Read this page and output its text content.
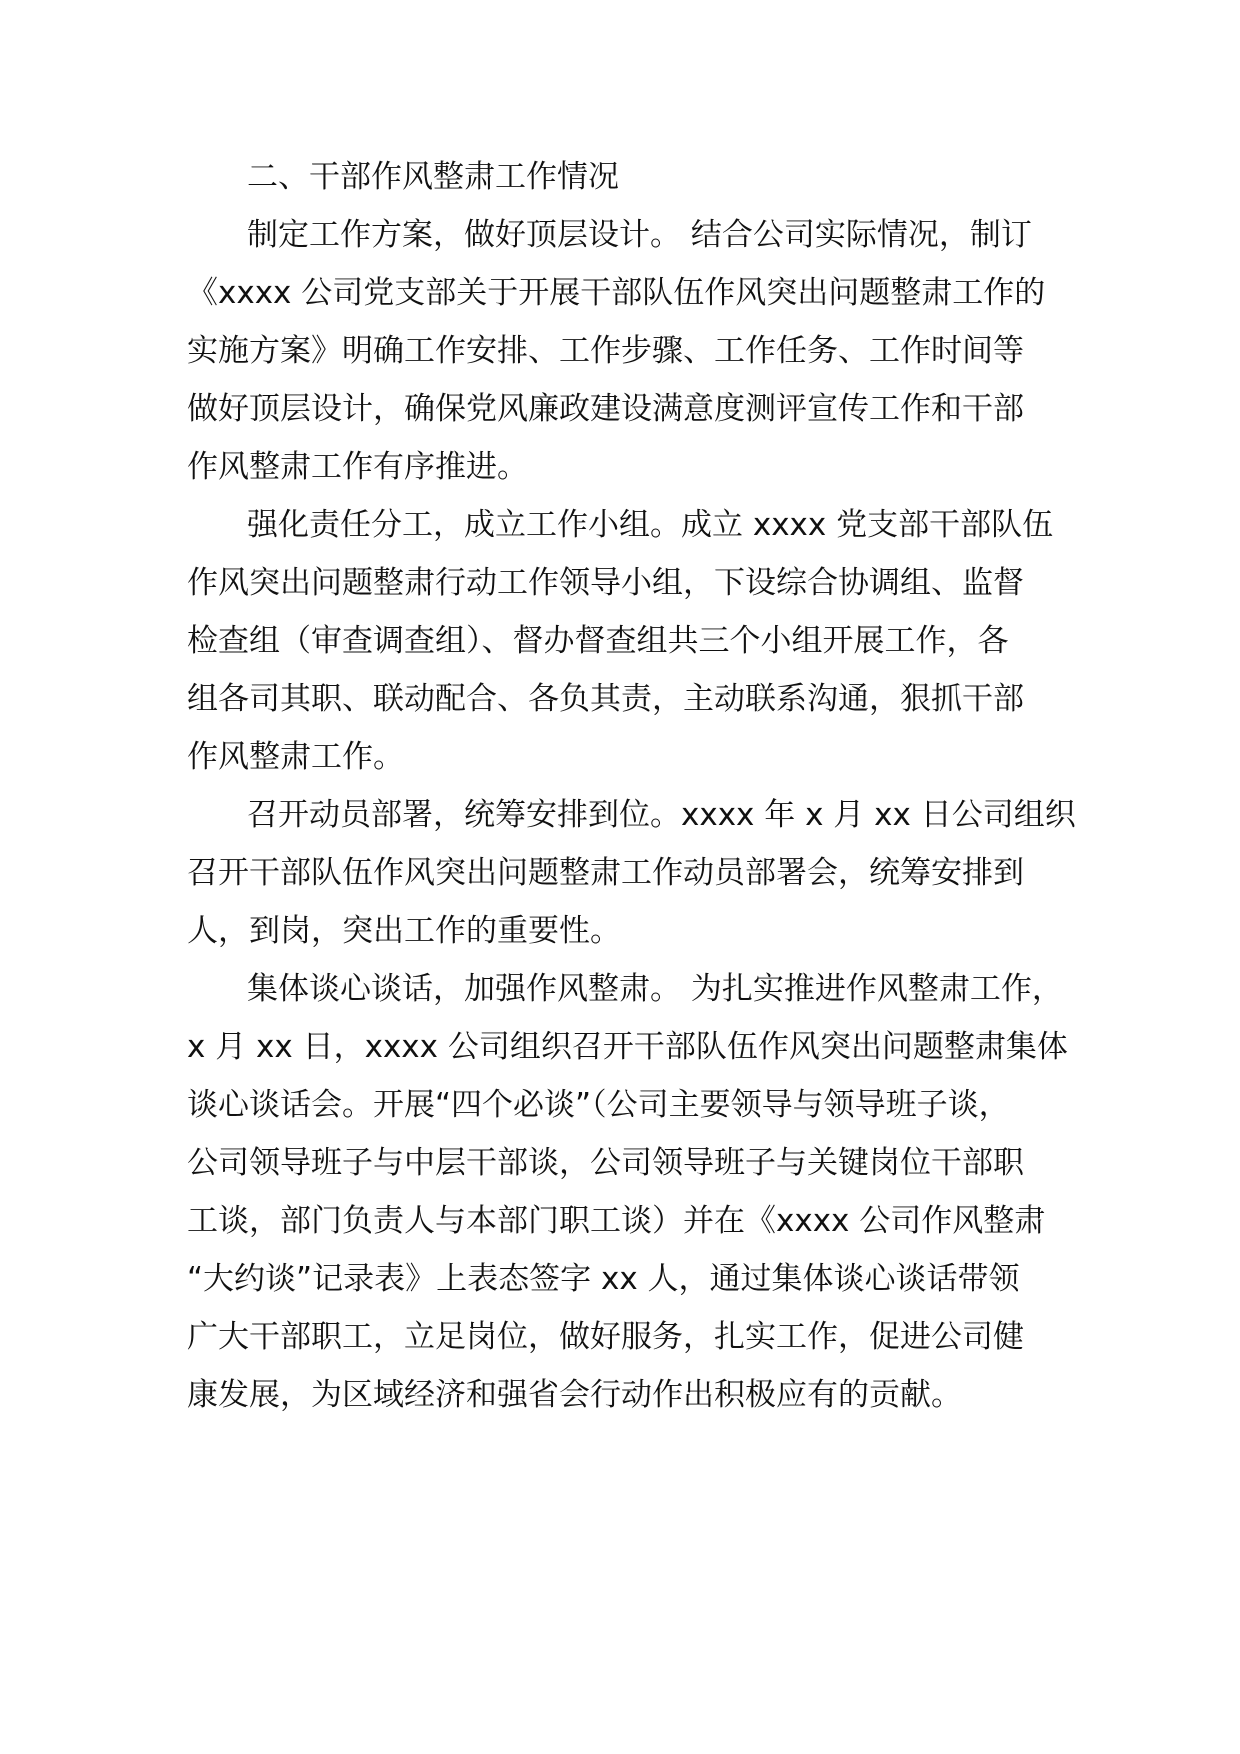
二、干部作风整肃工作情况
制定工作方案，做好顶层设计。 结合公司实际情况，制订
《xxxx 公司党支部关于开展干部队伍作风突出问题整肃工作的
实施方案》明确工作安排、工作步骤、工作任务、工作时间等
做好顶层设计，确保党风廉政建设满意度测评宣传工作和干部
作风整肃工作有序推进。
强化责任分工，成立工作小组。成立 xxxx 党支部干部队伍
作风突出问题整肃行动工作领导小组，下设综合协调组、监督
检查组（审查调查组）、督办督查组共三个小组开展工作，各
组各司其职、联动配合、各负其责，主动联系沟通，狠抓干部
作风整肃工作。
召开动员部署，统筹安排到位。xxxx 年 x 月 xx 日公司组织
召开干部队伍作风突出问题整肃工作动员部署会，统筹安排到
人，到岗，突出工作的重要性。
集体谈心谈话，加强作风整肃。 为扎实推进作风整肃工作，
x 月 xx 日，xxxx 公司组织召开干部队伍作风突出问题整肃集体
谈心谈话会。开展“四个必谈”（公司主要领导与领导班子谈，
公司领导班子与中层干部谈，公司领导班子与关键岗位干部职
工谈，部门负责人与本部门职工谈）并在《xxxx 公司作风整肃
“大约谈”记录表》上表态签字 xx 人，通过集体谈心谈话带领
广大干部职工，立足岗位，做好服务，扎实工作，促进公司健
康发展，为区域经济和强省会行动作出积极应有的贡献。
